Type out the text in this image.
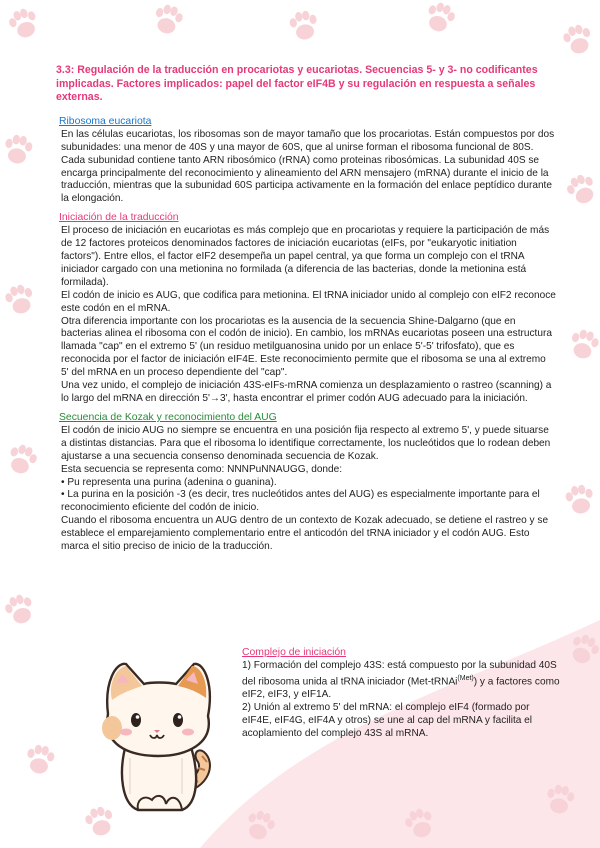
3.3: Regulación de la traducción en procariotas y eucariotas. Secuencias 5- y 3- no codificantes implicadas. Factores implicados: papel del factor eIF4B y su regulación en respuesta a señales externas.
Ribosoma eucariota

En las células eucariotas, los ribosomas son de mayor tamaño que los procariotas. Están compuestos por dos subunidades: una menor de 40S y una mayor de 60S, que al unirse forman el ribosoma funcional de 80S.

Cada subunidad contiene tanto ARN ribosómico (rRNA) como proteinas ribosómicas. La subunidad 40S se encarga principalmente del reconocimiento y alineamiento del ARN mensajero (mRNA) durante el inicio de la traducción, mientras que la subunidad 60S participa activamente en la formación del enlace peptídico durante la elongación.

Iniciación de la traducción

El proceso de iniciación en eucariotas es más complejo que en procariotas y requiere la participación de más de 12 factores proteicos denominados factores de iniciación eucariotas (eIFs, por "eukaryotic initiation factors"). Entre ellos, el factor eIF2 desempeña un papel central, ya que forma un complejo con el tRNA iniciador cargado con una metionina no formilada (a diferencia de las bacterias, donde la metionina está formilada).

El codón de inicio es AUG, que codifica para metionina. El tRNA iniciador unido al complejo con eIF2 reconoce este codón en el mRNA.

Otra diferencia importante con los procariotas es la ausencia de la secuencia Shine-Dalgarno (que en bacterias alinea el ribosoma con el codón de inicio). En cambio, los mRNAs eucariotas poseen una estructura llamada "cap" en el extremo 5' (un residuo metilguanosina unido por un enlace 5'-5' trifosfato), que es reconocida por el factor de iniciación eIF4E. Este reconocimiento permite que el ribosoma se una al extremo 5' del mRNA en un proceso dependiente del "cap".

Una vez unido, el complejo de iniciación 43S-eIFs-mRNA comienza un desplazamiento o rastreo (scanning) a lo largo del mRNA en dirección 5'→3', hasta encontrar el primer codón AUG adecuado para la iniciación.

Secuencia de Kozak y reconocimiento del AUG

El codón de inicio AUG no siempre se encuentra en una posición fija respecto al extremo 5', y puede situarse a distintas distancias. Para que el ribosoma lo identifique correctamente, los nucleótidos que lo rodean deben ajustarse a una secuencia consenso denominada secuencia de Kozak.

Esta secuencia se representa como: NNNPuNNAUGG, donde:

• Pu representa una purina (adenina o guanina).

• La purina en la posición -3 (es decir, tres nucleótidos antes del AUG) es especialmente importante para el reconocimiento eficiente del codón de inicio.

Cuando el ribosoma encuentra un AUG dentro de un contexto de Kozak adecuado, se detiene el rastreo y se establece el emparejamiento complementario entre el anticodón del tRNA iniciador y el codón AUG. Esto marca el sitio preciso de inicio de la traducción.

Complejo de iniciación

1) Formación del complejo 43S: está compuesto por la subunidad 40S del ribosoma unida al tRNA iniciador (Met-tRNAi$^{(Met)}$) y a factores como eIF2, eIF3, y eIF1A.

2) Unión al extremo 5' del mRNA: el complejo eIF4 (formado por eIF4E, eIF4G, eIF4A y otros) se une al cap del mRNA y facilita el acoplamiento del complejo 43S al mRNA.
